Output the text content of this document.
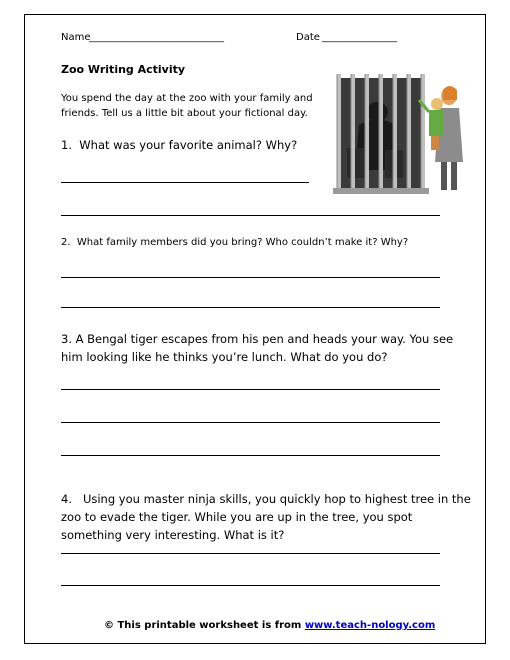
Name
___________________________	Date _______________
Zoo Writing Activity
You spend the day at the zoo with your family and
friends. Tell us a little bit about your fictional day.
1. What was your favorite animal? Why?
2. What family members did you bring? Who couldn’t make it? Why?
3. A Bengal tiger escapes from his pen and heads your way. You see
him looking like he thinks you’re lunch. What do you do?
4. Using you master ninja skills, you quickly hop to highest tree in the
zoo to evade the tiger. While you are up in the tree, you spot
something very interesting. What is it?
© This printable worksheet is from www.teach-nology.com
